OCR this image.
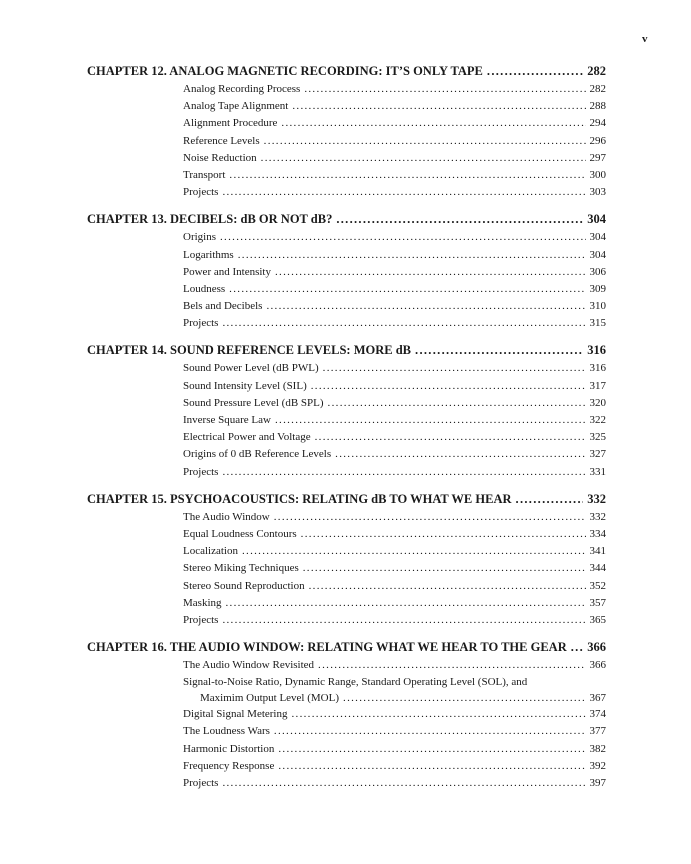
v
CHAPTER 12. ANALOG MAGNETIC RECORDING: IT’S ONLY TAPE .....	282
Analog Recording Process .....	282
Analog Tape Alignment .....	288
Alignment Procedure .....	294
Reference Levels .....	296
Noise Reduction .....	297
Transport .....	300
Projects .....	303
CHAPTER 13. DECIBELS: dB OR NOT dB? .....	304
Origins .....	304
Logarithms .....	304
Power and Intensity .....	306
Loudness .....	309
Bels and Decibels .....	310
Projects .....	315
CHAPTER 14. SOUND REFERENCE LEVELS: MORE dB .....	316
Sound Power Level (dB PWL) .....	316
Sound Intensity Level (SIL) .....	317
Sound Pressure Level (dB SPL) .....	320
Inverse Square Law .....	322
Electrical Power and Voltage .....	325
Origins of 0 dB Reference Levels .....	327
Projects .....	331
CHAPTER 15. PSYCHOACOUSTICS: RELATING dB TO WHAT WE HEAR .....	332
The Audio Window .....	332
Equal Loudness Contours .....	334
Localization .....	341
Stereo Miking Techniques .....	344
Stereo Sound Reproduction .....	352
Masking .....	357
Projects .....	365
CHAPTER 16. THE AUDIO WINDOW: RELATING WHAT WE HEAR TO THE GEAR ..... 366
The Audio Window Revisited .....	366
Signal-to-Noise Ratio, Dynamic Range, Standard Operating Level (SOL), and
Maximim Output Level (MOL) .....	367
Digital Signal Metering .....	374
The Loudness Wars .....	377
Harmonic Distortion .....	382
Frequency Response .....	392
Projects .....	397
